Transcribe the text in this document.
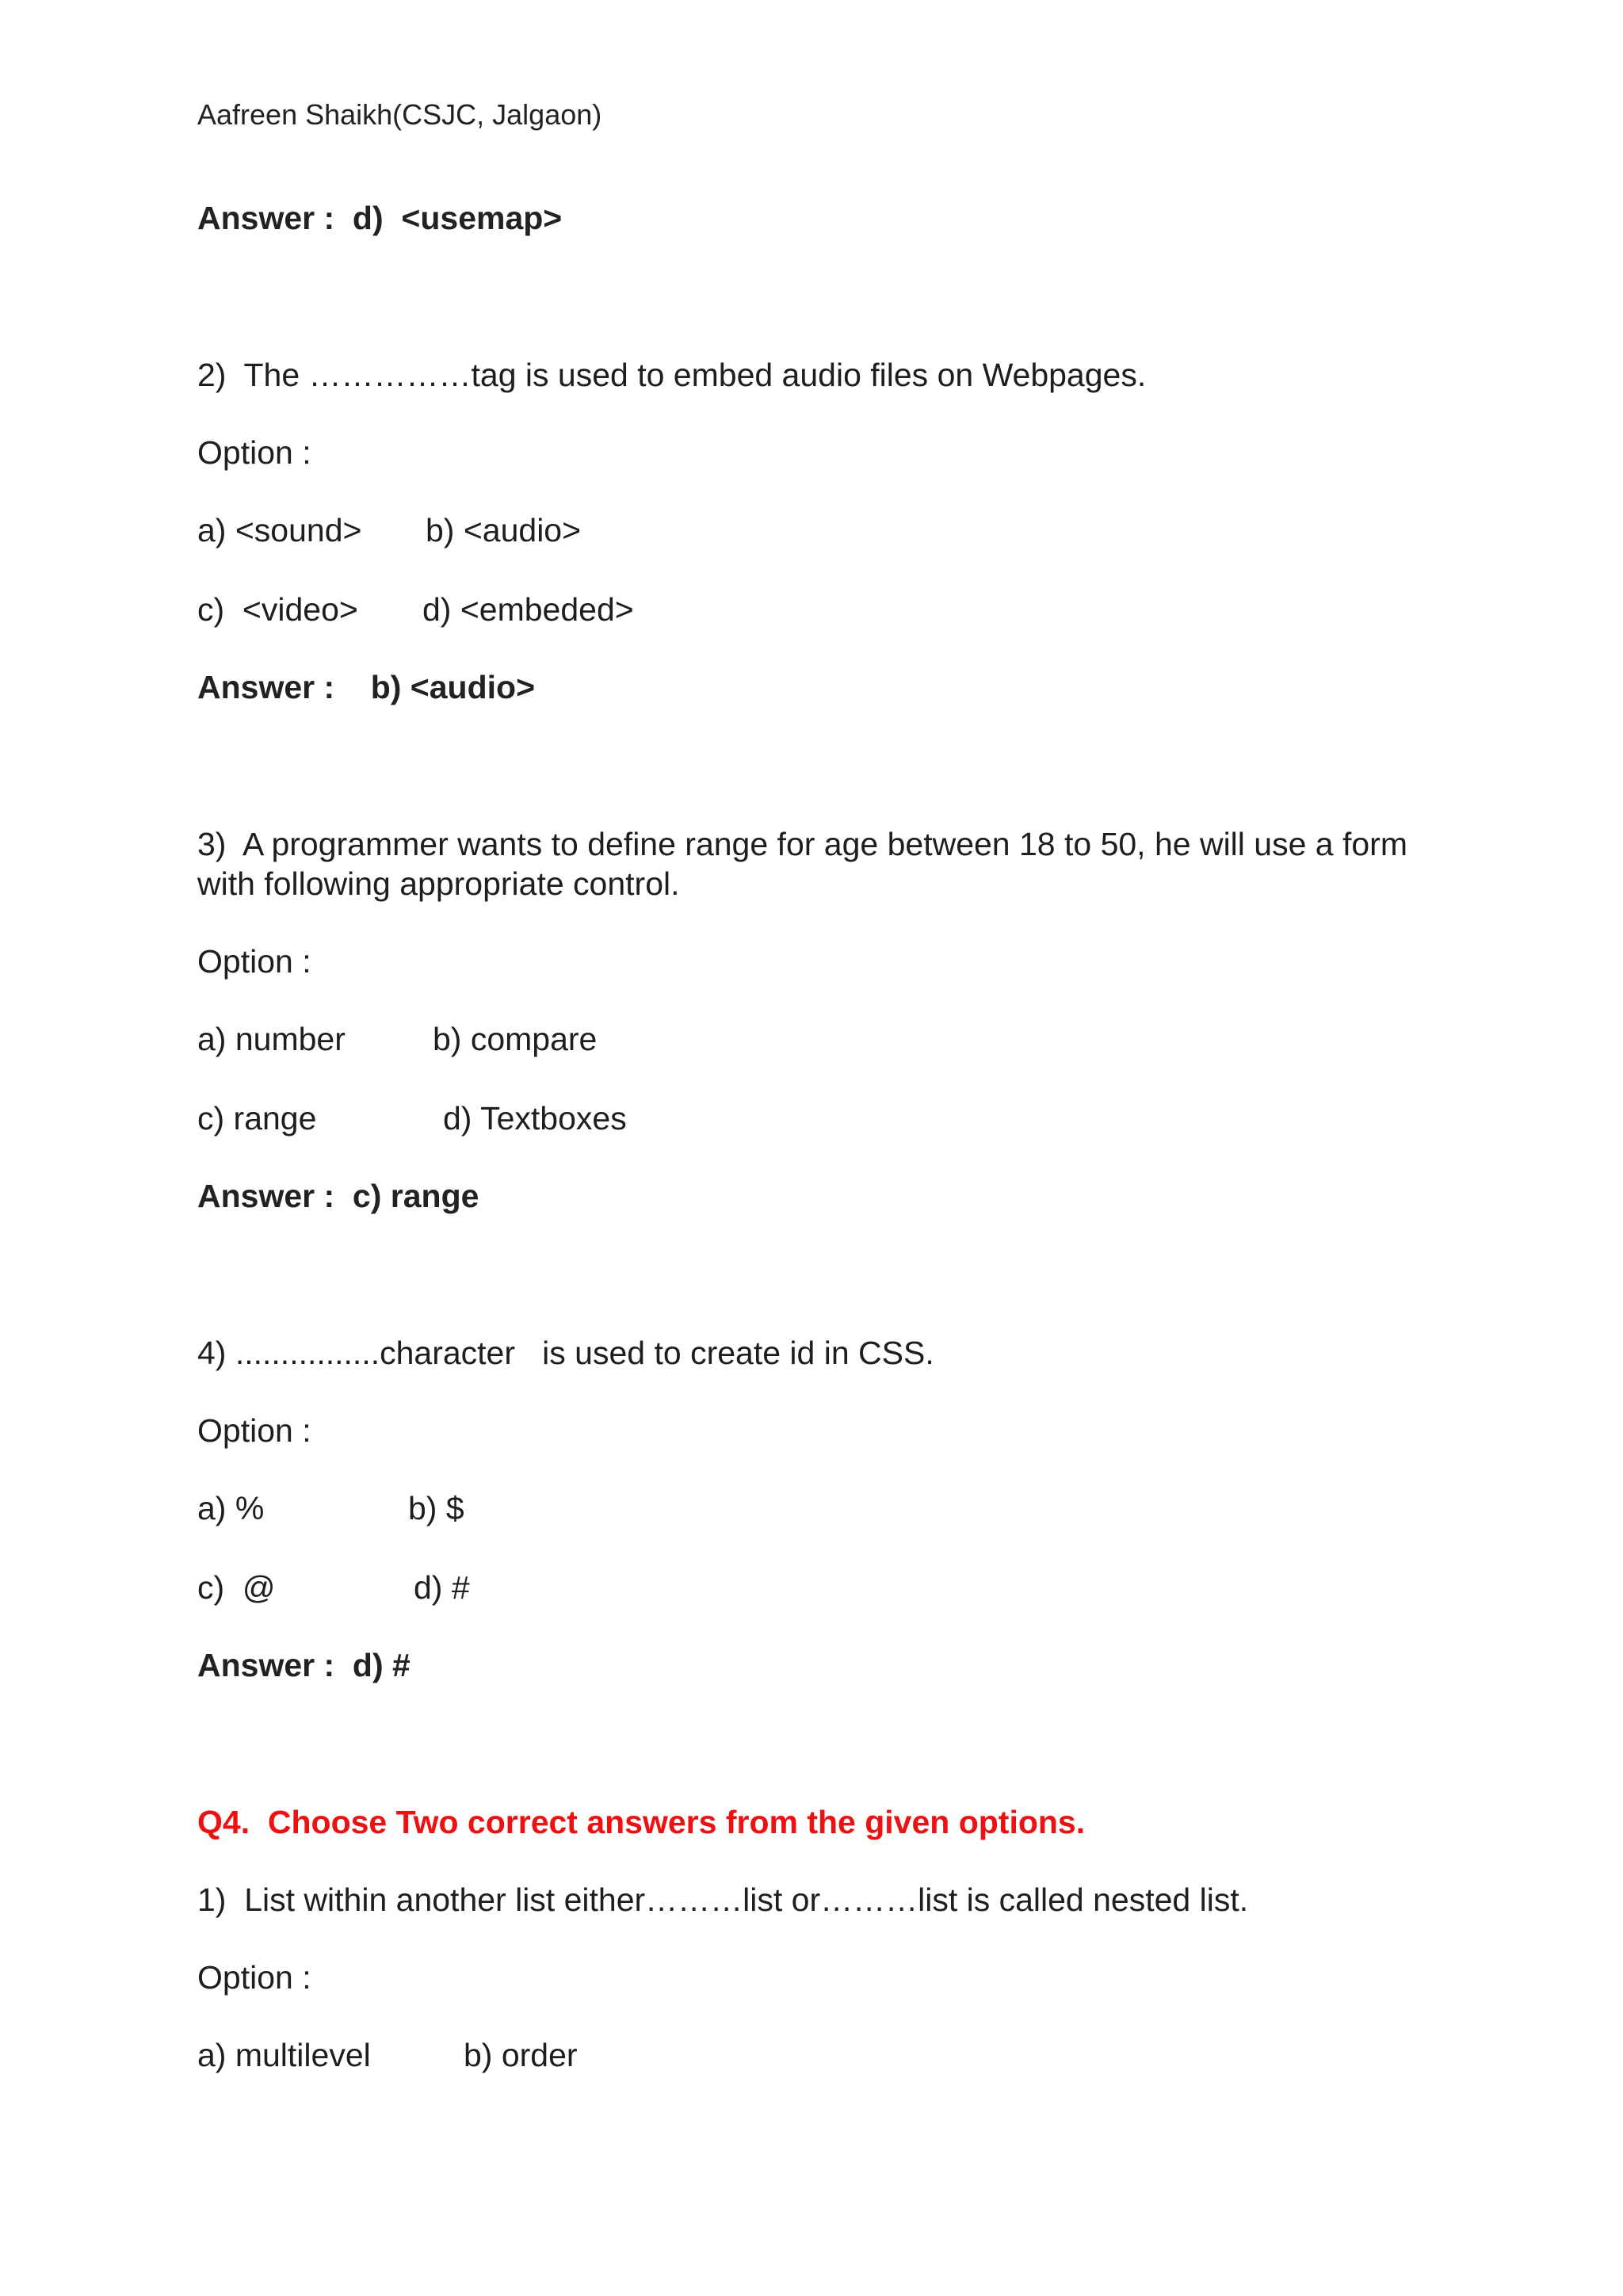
Aafreen Shaikh(CSJC, Jalgaon)
Answer :  d)  <usemap>
2)  The ……………tag is used to embed audio files on Webpages.
Option :
a) <sound> b) <audio>
c)  <video> d) <embeded>
Answer :    b) <audio>
3)  A programmer wants to define range for age between 18 to 50, he will use a form
with following appropriate control.
Option :
a) number	b) compare
c) range	d) Textboxes
Answer :  c) range
4) ................character   is used to create id in CSS.
Option :
a) %	b) $
c)  @	d) #
Answer :  d) #
Q4.  Choose Two correct answers from the given options.
1)  List within another list either………list or………list is called nested list.
Option :
a) multilevel	b) order
